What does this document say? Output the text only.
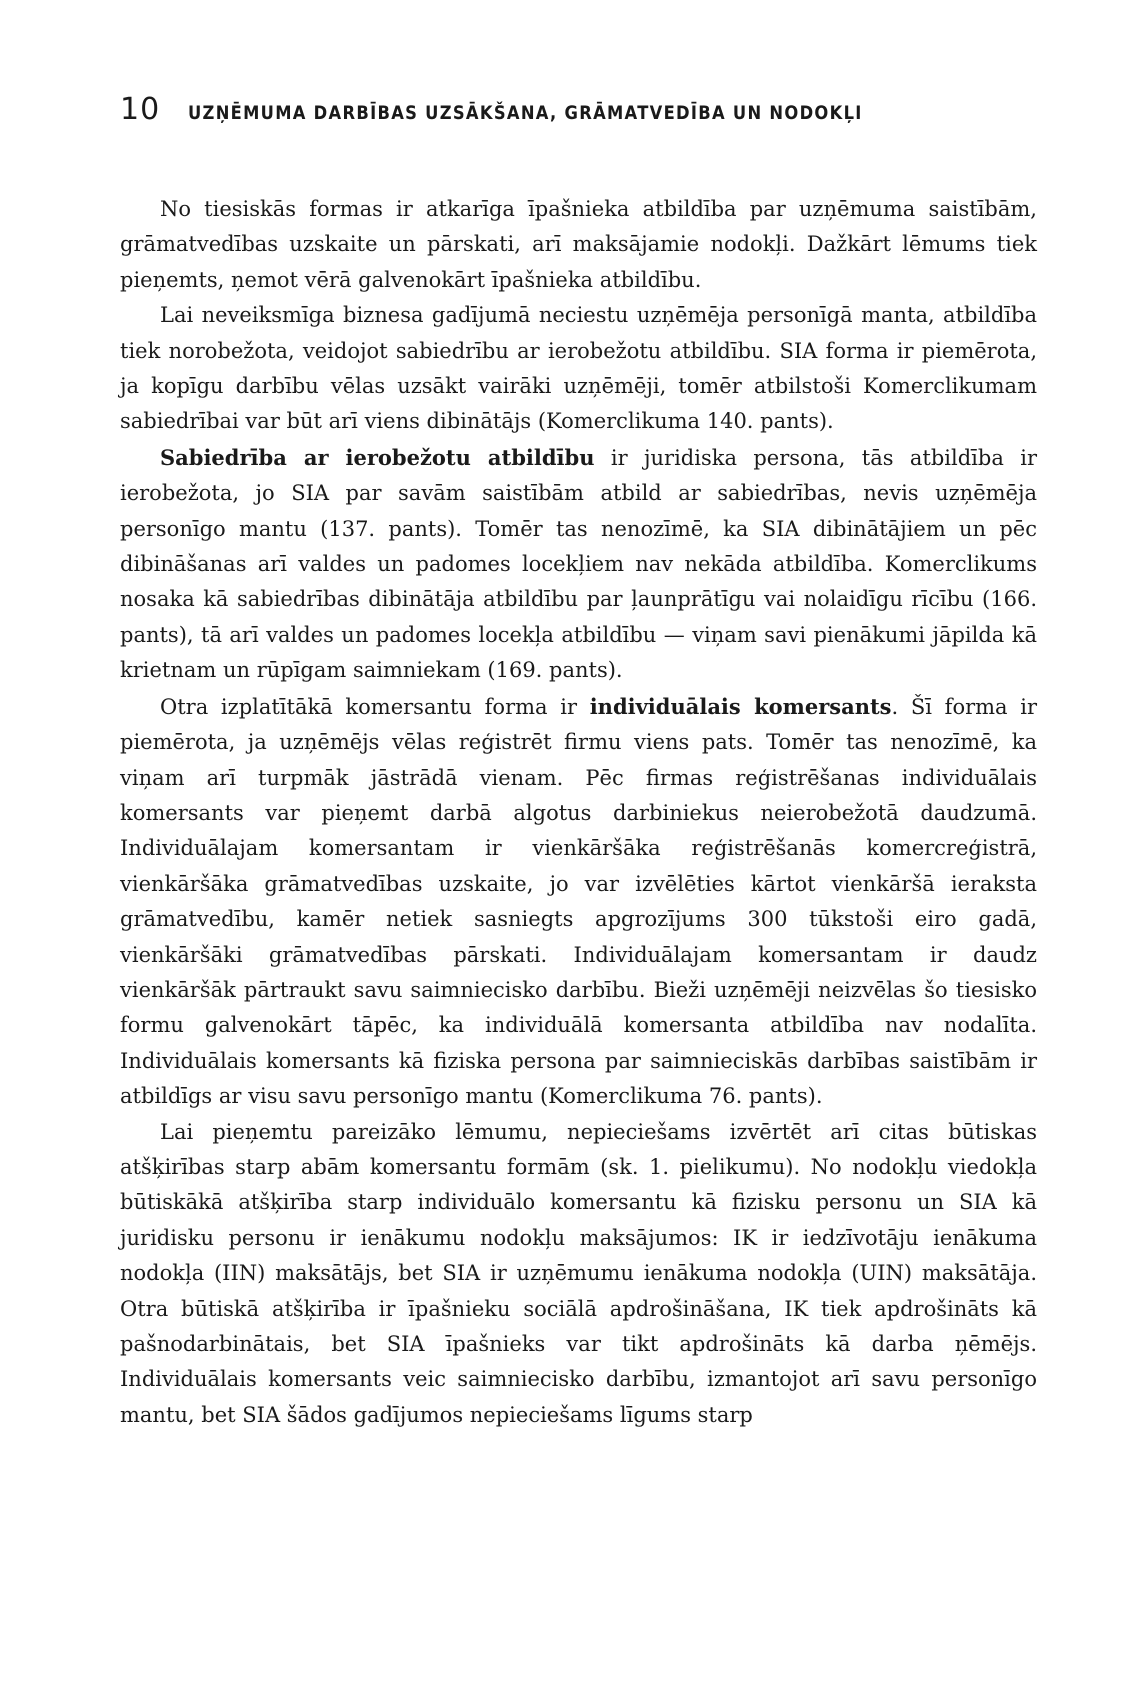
10 UZŅĒMUMA DARBĪBAS UZSĀKŠANA, GRĀMATVEDĪBA UN NODOKĻI

No tiesiskās formas ir atkarīga īpašnieka atbildība par uzņēmuma saistībām, grāmatvedības uzskaite un pārskati, arī maksājamie nodokļi. Dažkārt lēmums tiek pieņemts, ņemot vērā galvenokārt īpašnieka atbildību.

Lai neveiksmīga biznesa gadījumā neciestu uzņēmēja personīgā manta, atbildība tiek norobežota, veidojot sabiedrību ar ierobežotu atbildību. SIA forma ir piemērota, ja kopīgu darbību vēlas uzsākt vairāki uzņēmēji, tomēr atbilstoši Komerclikumam sabiedrībai var būt arī viens dibinātājs (Komerclikuma 140. pants).

Sabiedrība ar ierobežotu atbildību ir juridiska persona, tās atbildība ir ierobežota, jo SIA par savām saistībām atbild ar sabiedrības, nevis uzņēmēja personīgo mantu (137. pants). Tomēr tas nenozīmē, ka SIA dibinātājiem un pēc dibināšanas arī valdes un padomes locekļiem nav nekāda atbildība. Komerclikums nosaka kā sabiedrības dibinātāja atbildību par ļaunprātīgu vai nolaidīgu rīcību (166. pants), tā arī valdes un padomes locekļa atbildību — viņam savi pienākumi jāpilda kā krietnam un rūpīgam saimniekam (169. pants).

Otra izplatītākā komersantu forma ir individuālais komersants. Šī forma ir piemērota, ja uzņēmējs vēlas reģistrēt firmu viens pats. Tomēr tas nenozīmē, ka viņam arī turpmāk jāstrādā vienam. Pēc firmas reģistrēšanas individuālais komersants var pieņemt darbā algotus darbiniekus neierobežotā daudzumā. Individuālajam komersantam ir vienkāršāka reģistrēšanās komercreģistrā, vienkāršāka grāmatvedības uzskaite, jo var izvēlēties kārtot vienkāršā ieraksta grāmatvedību, kamēr netiek sasniegts apgrozījums 300 tūkstoši eiro gadā, vienkāršāki grāmatvedības pārskati. Individuālajam komersantam ir daudz vienkāršāk pārtraukt savu saimniecisko darbību. Bieži uzņēmēji neizvēlas šo tiesisko formu galvenokārt tāpēc, ka individuālā komersanta atbildība nav nodalīta. Individuālais komersants kā fiziska persona par saimnieciskās darbības saistībām ir atbildīgs ar visu savu personīgo mantu (Komerclikuma 76. pants).

Lai pieņemtu pareizāko lēmumu, nepieciešams izvērtēt arī citas būtiskas atšķirības starp abām komersantu formām (sk. 1. pielikumu). No nodokļu viedokļa būtiskākā atšķirība starp individuālo komersantu kā fizisku personu un SIA kā juridisku personu ir ienākumu nodokļu maksājumos: IK ir iedzīvotāju ienākuma nodokļa (IIN) maksātājs, bet SIA ir uzņēmumu ienākuma nodokļa (UIN) maksātāja. Otra būtiskā atšķirība ir īpašnieku sociālā apdrošināšana, IK tiek apdrošināts kā pašnodarbinātais, bet SIA īpašnieks var tikt apdrošināts kā darba ņēmējs. Individuālais komersants veic saimniecisko darbību, izmantojot arī savu personīgo mantu, bet SIA šādos gadījumos nepieciešams līgums starp
